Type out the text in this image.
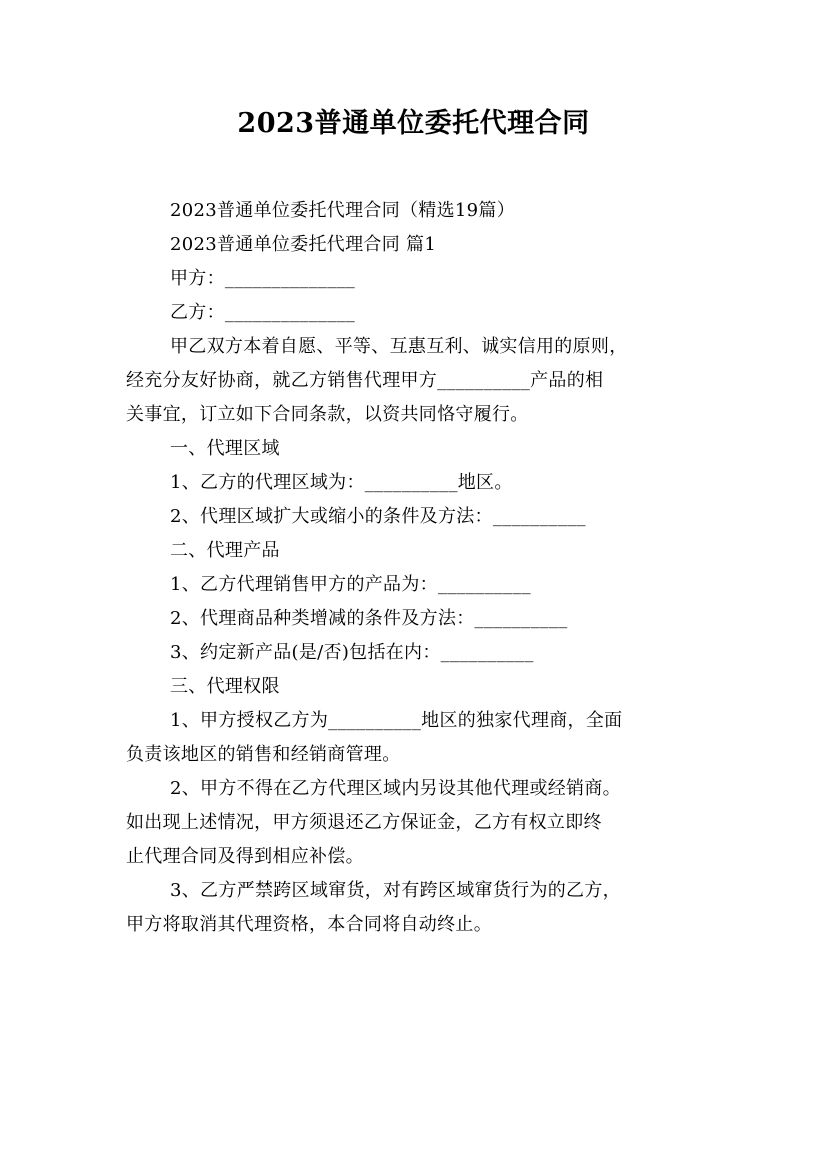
2023普通单位委托代理合同

2023普通单位委托代理合同（精选19篇）

2023普通单位委托代理合同 篇1

甲方：______________

乙方：______________

甲乙双方本着自愿、平等、互惠互利、诚实信用的原则，

经充分友好协商，就乙方销售代理甲方__________产品的相

关事宜，订立如下合同条款，以资共同恪守履行。

一、代理区域

1、乙方的代理区域为：__________地区。

2、代理区域扩大或缩小的条件及方法：__________

二、代理产品

1、乙方代理销售甲方的产品为：__________

2、代理商品种类增减的条件及方法：__________

3、约定新产品(是/否)包括在内：__________

三、代理权限

1、甲方授权乙方为__________地区的独家代理商，全面

负责该地区的销售和经销商管理。

2、甲方不得在乙方代理区域内另设其他代理或经销商。

如出现上述情况，甲方须退还乙方保证金，乙方有权立即终

止代理合同及得到相应补偿。

3、乙方严禁跨区域窜货，对有跨区域窜货行为的乙方，

甲方将取消其代理资格，本合同将自动终止。
